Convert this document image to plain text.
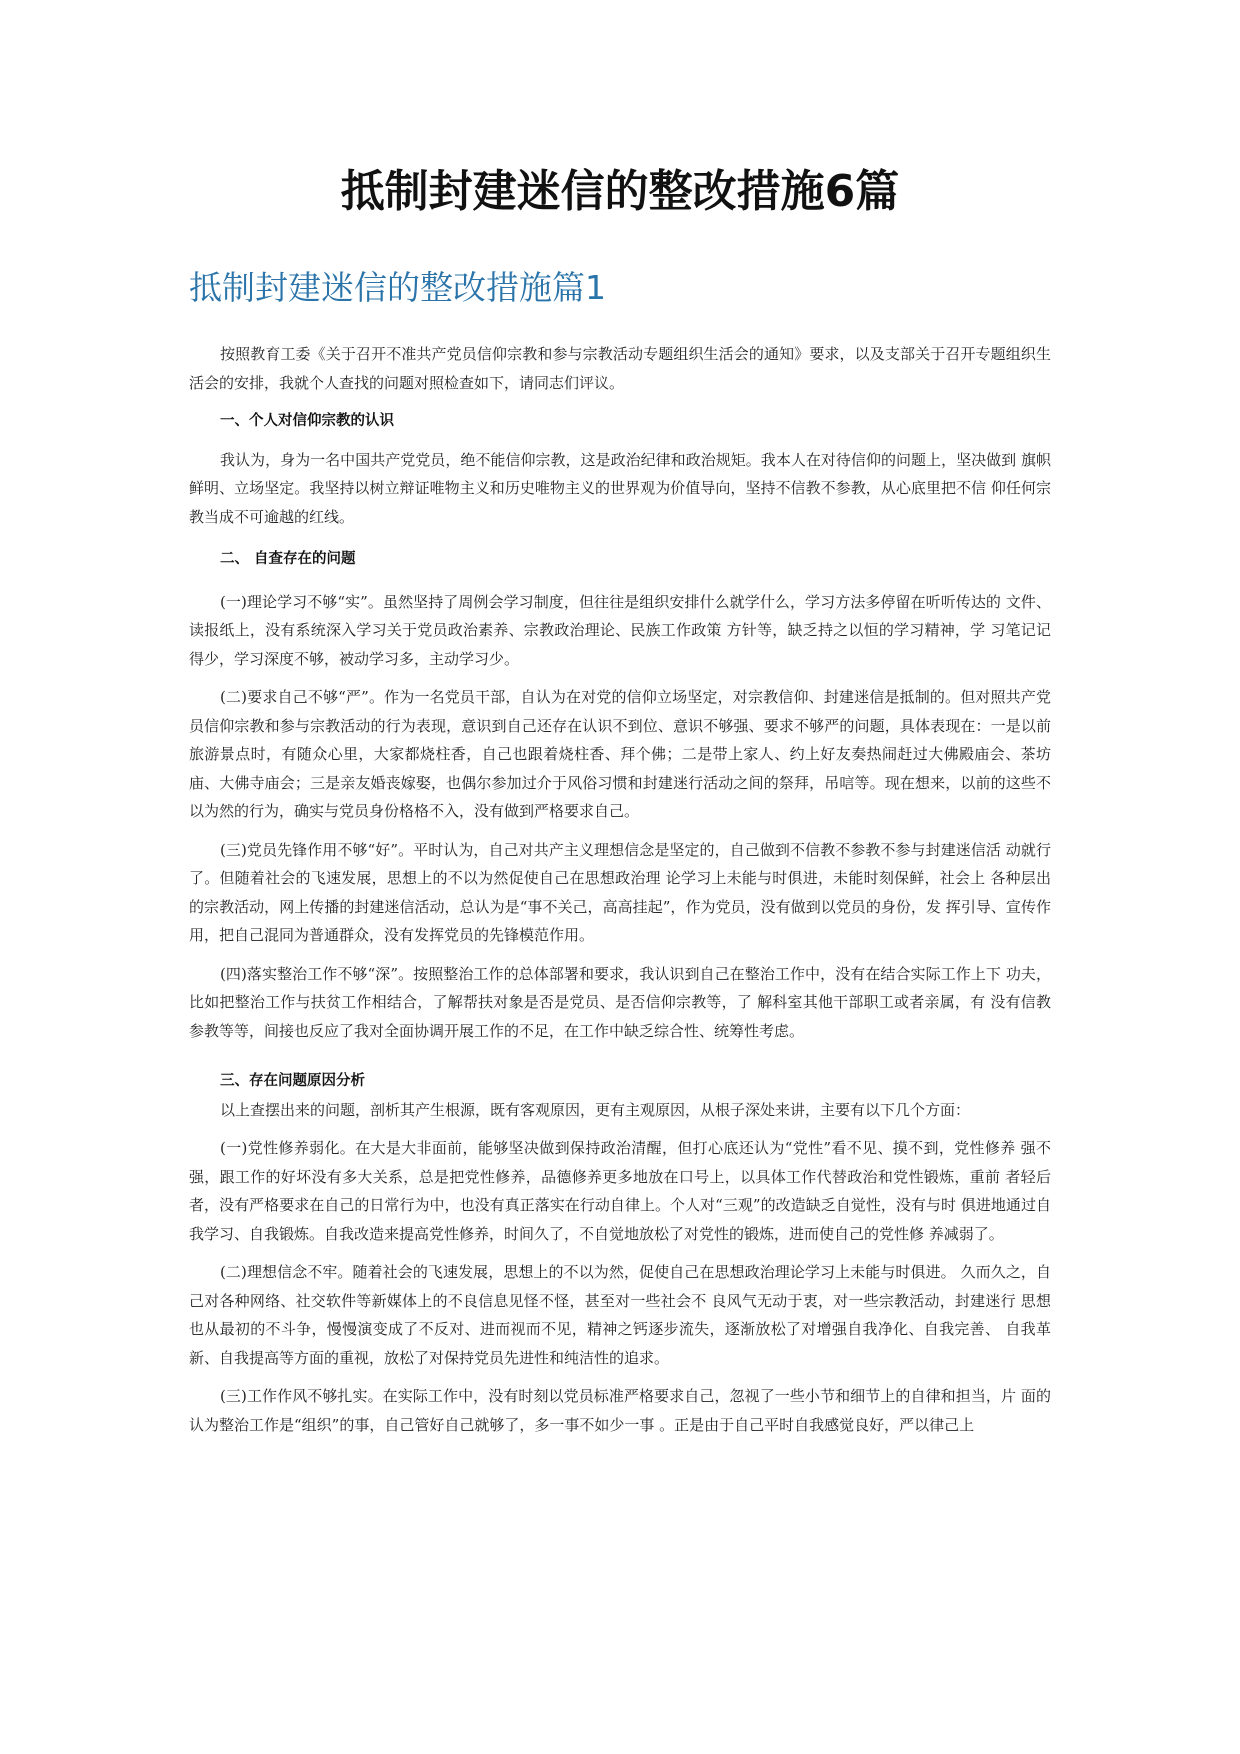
抵制封建迷信的整改措施6篇
抵制封建迷信的整改措施篇1

按照教育工委《关于召开不准共产党员信仰宗教和参与宗教活动专题组织生活会的通知》要求，以及支部关于召开专题组织生活会的安排，我就个人查找的问题对照检查如下，请同志们评议。

一、个人对信仰宗教的认识

我认为，身为一名中国共产党党员，绝不能信仰宗教，这是政治纪律和政治规矩。我本人在对待信仰的问题上，坚决做到 旗帜鲜明、立场坚定。我坚持以树立辩证唯物主义和历史唯物主义的世界观为价值导向，坚持不信教不参教，从心底里把不信 仰任何宗教当成不可逾越的红线。

二、 自查存在的问题

(一)理论学习不够“实”。虽然坚持了周例会学习制度，但往往是组织安排什么就学什么，学习方法多停留在听听传达的 文件、读报纸上，没有系统深入学习关于党员政治素养、宗教政治理论、民族工作政策 方针等，缺乏持之以恒的学习精神，学 习笔记记得少，学习深度不够，被动学习多，主动学习少。

(二)要求自己不够“严”。作为一名党员干部，自认为在对党的信仰立场坚定，对宗教信仰、封建迷信是抵制的。但对照共产党员信仰宗教和参与宗教活动的行为表现，意识到自己还存在认识不到位、意识不够强、要求不够严的问题，具体表现在：一是以前旅游景点时，有随众心里，大家都烧柱香，自己也跟着烧柱香、拜个佛；二是带上家人、约上好友奏热闹赶过大佛殿庙会、茶坊庙、大佛寺庙会；三是亲友婚丧嫁娶，也偶尔参加过介于风俗习惯和封建迷行活动之间的祭拜，吊唁等。现在想来，以前的这些不以为然的行为，确实与党员身份格格不入，没有做到严格要求自己。

(三)党员先锋作用不够“好”。平时认为，自己对共产主义理想信念是坚定的，自己做到不信教不参教不参与封建迷信活 动就行了。但随着社会的飞速发展，思想上的不以为然促使自己在思想政治理 论学习上未能与时俱进，未能时刻保鲜，社会上 各种层出的宗教活动，网上传播的封建迷信活动，总认为是“事不关己，高高挂起”，作为党员，没有做到以党员的身份，发 挥引导、宣传作用，把自己混同为普通群众，没有发挥党员的先锋模范作用。

(四)落实整治工作不够“深”。按照整治工作的总体部署和要求，我认识到自己在整治工作中，没有在结合实际工作上下 功夫，比如把整治工作与扶贫工作相结合，了解帮扶对象是否是党员、是否信仰宗教等，了 解科室其他干部职工或者亲属，有 没有信教参教等等，间接也反应了我对全面协调开展工作的不足，在工作中缺乏综合性、统筹性考虑。

三、存在问题原因分析

以上查摆出来的问题，剖析其产生根源，既有客观原因，更有主观原因，从根子深处来讲，主要有以下几个方面：

(一)党性修养弱化。在大是大非面前，能够坚决做到保持政治清醒，但打心底还认为“党性”看不见、摸不到，党性修养 强不强，跟工作的好坏没有多大关系，总是把党性修养，品德修养更多地放在口号上，以具体工作代替政治和党性锻炼，重前 者轻后者，没有严格要求在自己的日常行为中，也没有真正落实在行动自律上。个人对“三观”的改造缺乏自觉性，没有与时 俱进地通过自我学习、自我锻炼。自我改造来提高党性修养，时间久了，不自觉地放松了对党性的锻炼，进而使自己的党性修 养减弱了。

(二)理想信念不牢。随着社会的飞速发展，思想上的不以为然，促使自己在思想政治理论学习上未能与时俱进。 久而久之，自己对各种网络、社交软件等新媒体上的不良信息见怪不怪，甚至对一些社会不 良风气无动于衷，对一些宗教活动，封建迷行 思想也从最初的不斗争，慢慢演变成了不反对、进而视而不见，精神之钙逐步流失，逐渐放松了对增强自我净化、自我完善、 自我革新、自我提高等方面的重视，放松了对保持党员先进性和纯洁性的追求。

(三)工作作风不够扎实。在实际工作中，没有时刻以党员标准严格要求自己，忽视了一些小节和细节上的自律和担当，片 面的认为整治工作是“组织”的事，自己管好自己就够了，多一事不如少一事 。正是由于自己平时自我感觉良好，严以律己上
